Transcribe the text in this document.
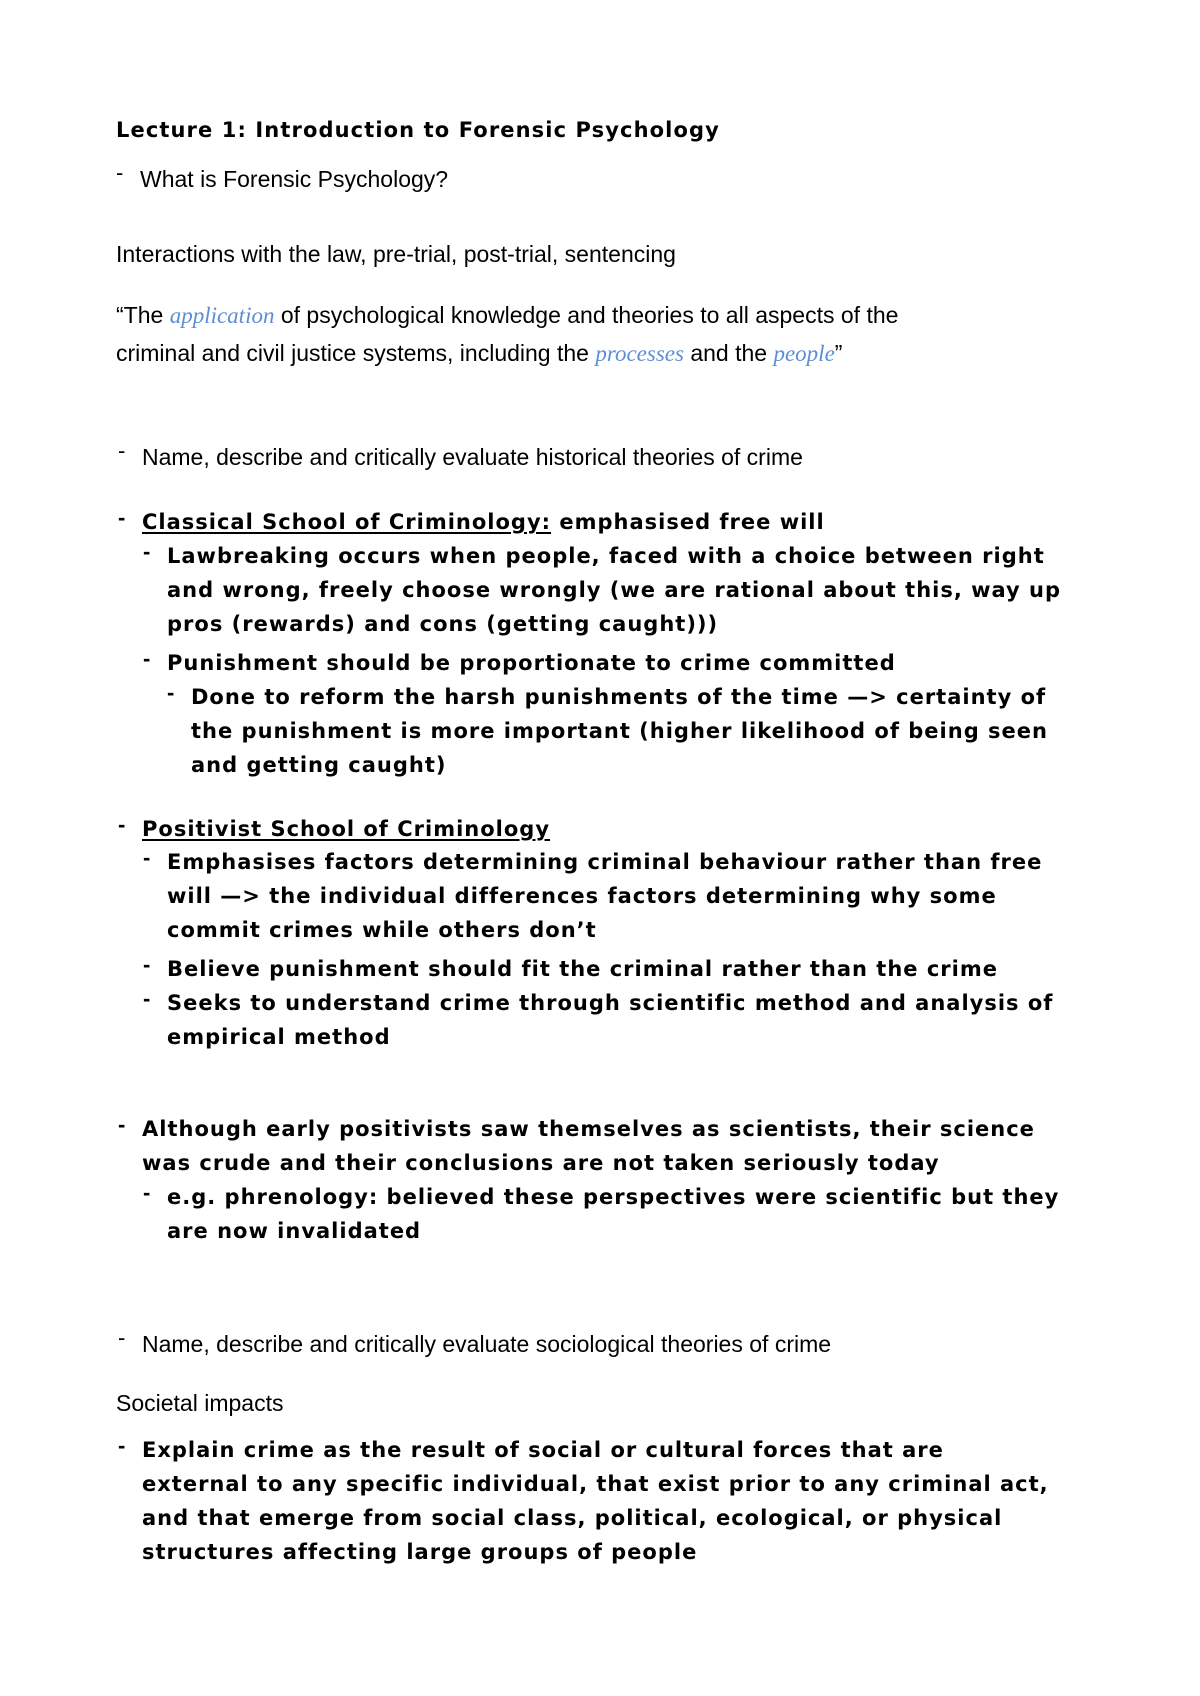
Lecture 1: Introduction to Forensic Psychology
- What is Forensic Psychology?
Interactions with the law, pre-trial, post-trial, sentencing
“The application of psychological knowledge and theories to all aspects of the
criminal and civil justice systems, including the processes and the people”
- Name, describe and critically evaluate historical theories of crime
- Classical School of Criminology: emphasised free will
- Lawbreaking occurs when people, faced with a choice between right
and wrong, freely choose wrongly (we are rational about this, way up
pros (rewards) and cons (getting caught)))
- Punishment should be proportionate to crime committed
- Done to reform the harsh punishments of the time —> certainty of
the punishment is more important (higher likelihood of being seen
and getting caught)
- Positivist School of Criminology
- Emphasises factors determining criminal behaviour rather than free
will —> the individual differences factors determining why some
commit crimes while others don’t
- Believe punishment should fit the criminal rather than the crime
- Seeks to understand crime through scientific method and analysis of
empirical method
- Although early positivists saw themselves as scientists, their science
was crude and their conclusions are not taken seriously today
- e.g. phrenology: believed these perspectives were scientific but they
are now invalidated
- Name, describe and critically evaluate sociological theories of crime
Societal impacts
- Explain crime as the result of social or cultural forces that are
external to any specific individual, that exist prior to any criminal act,
and that emerge from social class, political, ecological, or physical
structures affecting large groups of people
